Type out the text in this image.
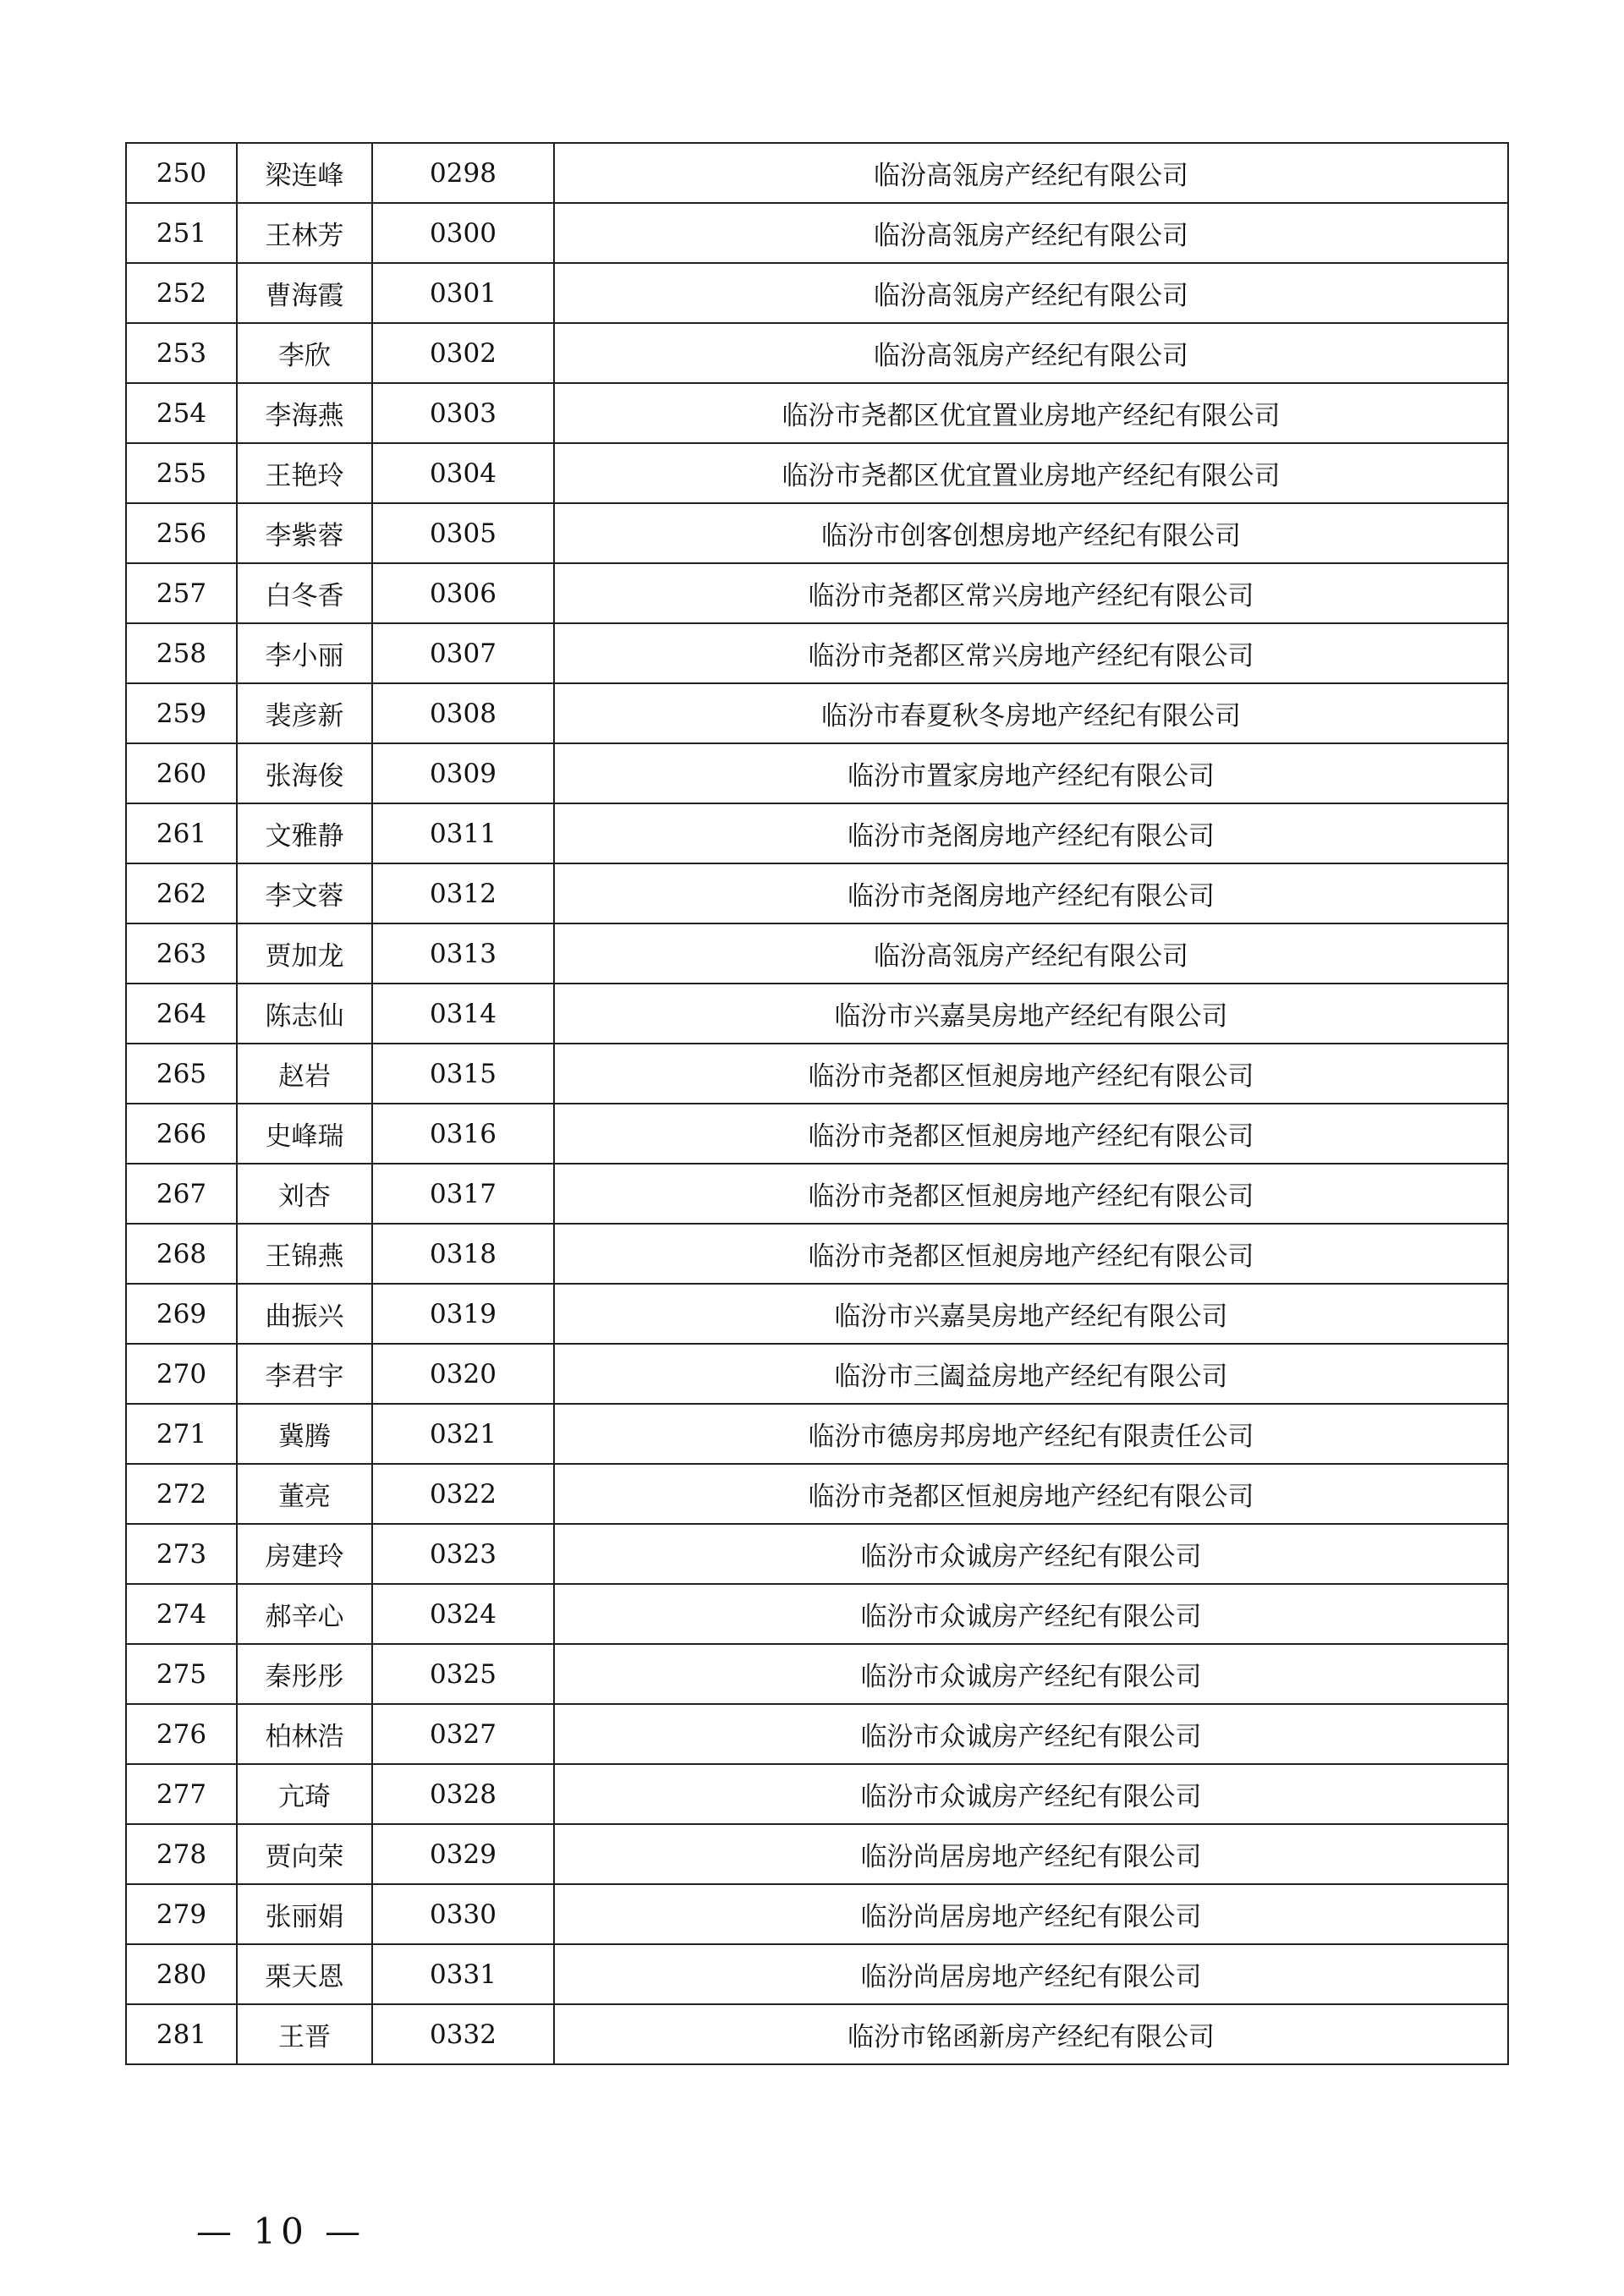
250	梁连峰	0298	临汾高瓴房产经纪有限公司
251	王林芳	0300	临汾高瓴房产经纪有限公司
252	曹海霞	0301	临汾高瓴房产经纪有限公司
253	李欣	0302	临汾高瓴房产经纪有限公司
254	李海燕	0303	临汾市尧都区优宜置业房地产经纪有限公司
255	王艳玲	0304	临汾市尧都区优宜置业房地产经纪有限公司
256	李紫蓉	0305	临汾市创客创想房地产经纪有限公司
257	白冬香	0306	临汾市尧都区常兴房地产经纪有限公司
258	李小丽	0307	临汾市尧都区常兴房地产经纪有限公司
259	裴彦新	0308	临汾市春夏秋冬房地产经纪有限公司
260	张海俊	0309	临汾市置家房地产经纪有限公司
261	文雅静	0311	临汾市尧阁房地产经纪有限公司
262	李文蓉	0312	临汾市尧阁房地产经纪有限公司
263	贾加龙	0313	临汾高瓴房产经纪有限公司
264	陈志仙	0314	临汾市兴嘉昊房地产经纪有限公司
265	赵岩	0315	临汾市尧都区恒昶房地产经纪有限公司
266	史峰瑞	0316	临汾市尧都区恒昶房地产经纪有限公司
267	刘杏	0317	临汾市尧都区恒昶房地产经纪有限公司
268	王锦燕	0318	临汾市尧都区恒昶房地产经纪有限公司
269	曲振兴	0319	临汾市兴嘉昊房地产经纪有限公司
270	李君宇	0320	临汾市三阖益房地产经纪有限公司
271	冀腾	0321	临汾市德房邦房地产经纪有限责任公司
272	董亮	0322	临汾市尧都区恒昶房地产经纪有限公司
273	房建玲	0323	临汾市众诚房产经纪有限公司
274	郝辛心	0324	临汾市众诚房产经纪有限公司
275	秦彤彤	0325	临汾市众诚房产经纪有限公司
276	柏林浩	0327	临汾市众诚房产经纪有限公司
277	亢琦	0328	临汾市众诚房产经纪有限公司
278	贾向荣	0329	临汾尚居房地产经纪有限公司
279	张丽娟	0330	临汾尚居房地产经纪有限公司
280	栗天恩	0331	临汾尚居房地产经纪有限公司
281	王晋	0332	临汾市铭函新房产经纪有限公司
— 10 —
